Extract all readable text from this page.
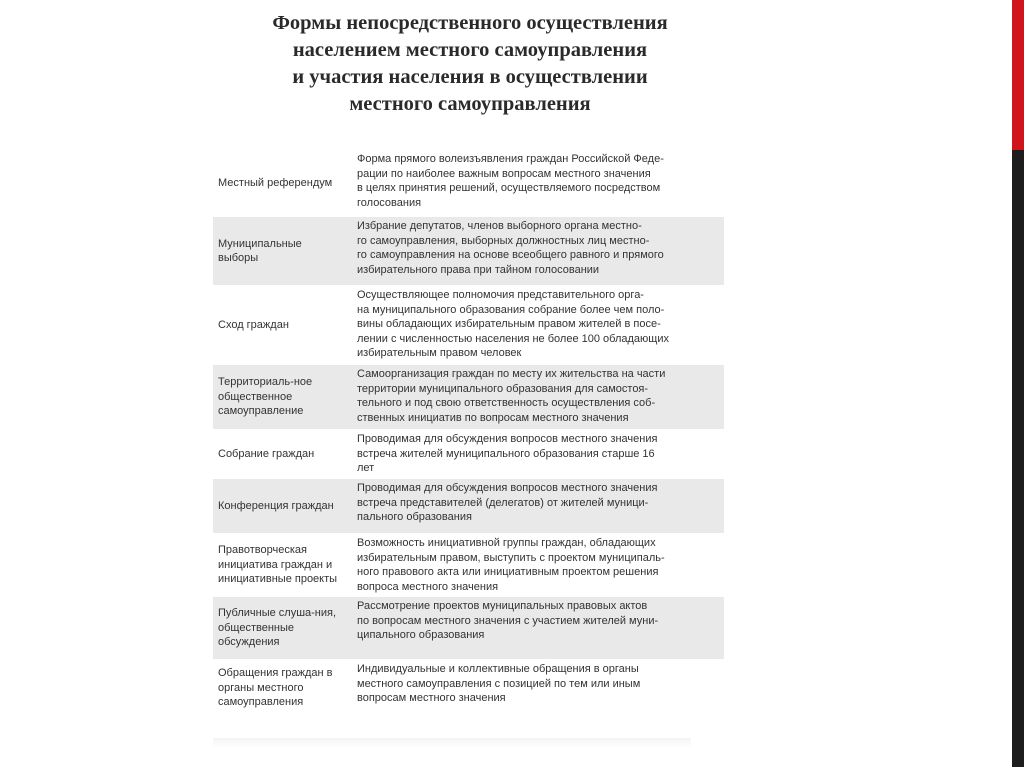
Формы непосредственного осуществления
населением местного самоуправления
и участия населения в осуществлении
местного самоуправления
Местный референдум
Форма прямого волеизъявления граждан Российской Феде-
рации по наиболее важным вопросам местного значения
в целях принятия решений, осуществляемого посредством
голосования
Муниципальные выборы
Избрание депутатов, членов выборного органа местно-
го самоуправления, выборных должностных лиц местно-
го самоуправления на основе всеобщего равного и прямого
избирательного права при тайном голосовании
Сход граждан
Осуществляющее полномочия представительного орга-
на муниципального образования собрание более чем поло-
вины обладающих избирательным правом жителей в посе-
лении с численностью населения не более 100 обладающих
избирательным правом человек
Территориаль-ное общественное самоуправление
Самоорганизация граждан по месту их жительства на части
территории муниципального образования для самостоя-
тельного и под свою ответственность осуществления соб-
ственных инициатив по вопросам местного значения
Собрание граждан
Проводимая для обсуждения вопросов местного значения
встреча жителей муниципального образования старше 16
лет
Конференция граждан
Проводимая для обсуждения вопросов местного значения
встреча представителей (делегатов) от жителей муници-
пального образования
Правотворческая инициатива граждан и инициативные проекты
Возможность инициативной группы граждан, обладающих
избирательным правом, выступить с проектом муниципаль-
ного правового акта или инициативным проектом решения
вопроса местного значения
Публичные слуша-ния, общественные обсуждения
Рассмотрение проектов муниципальных правовых актов
по вопросам местного значения с участием жителей муни-
ципального образования
Обращения граждан в органы местного самоуправления
Индивидуальные и коллективные обращения в органы
местного самоуправления с позицией по тем или иным
вопросам местного значения
